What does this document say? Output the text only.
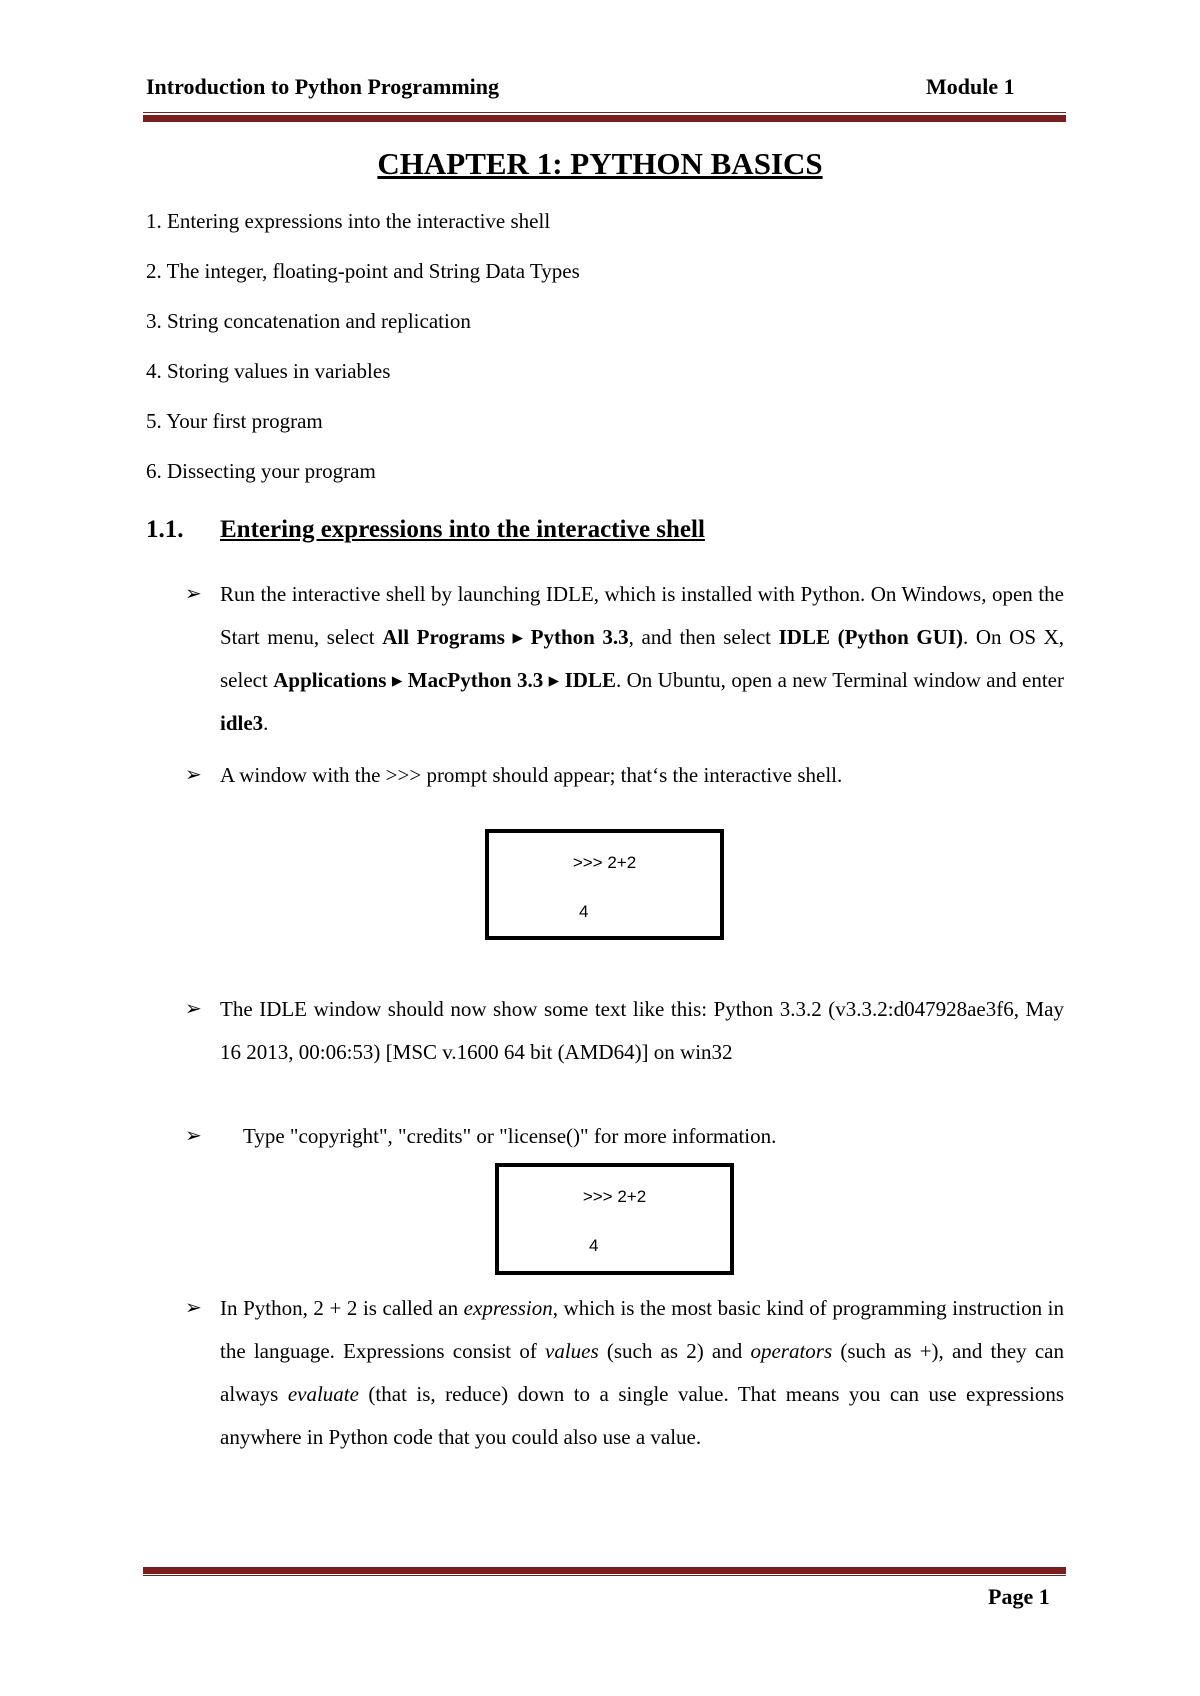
Introduction to Python Programming	Module 1
CHAPTER 1: PYTHON BASICS
1. Entering expressions into the interactive shell
2. The integer, floating-point and String Data Types
3. String concatenation and replication
4. Storing values in variables
5. Your first program
6. Dissecting your program
1.1. Entering expressions into the interactive shell
➢ Run the interactive shell by launching IDLE, which is installed with Python. On Windows, open the Start menu, select All Programs ▸ Python 3.3, and then select IDLE (Python GUI). On OS X, select Applications ▸ MacPython 3.3 ▸ IDLE. On Ubuntu, open a new Terminal window and enter idle3.
➢ A window with the >>> prompt should appear; that‘s the interactive shell.
>>> 2+2
4
➢ The IDLE window should now show some text like this: Python 3.3.2 (v3.3.2:d047928ae3f6, May 16 2013, 00:06:53) [MSC v.1600 64 bit (AMD64)] on win32
➢	Type "copyright", "credits" or "license()" for more information.
>>> 2+2
4
➢ In Python, 2 + 2 is called an expression, which is the most basic kind of programming instruction in the language. Expressions consist of values (such as 2) and operators (such as +), and they can always evaluate (that is, reduce) down to a single value. That means you can use expressions anywhere in Python code that you could also use a value.
Page 1
